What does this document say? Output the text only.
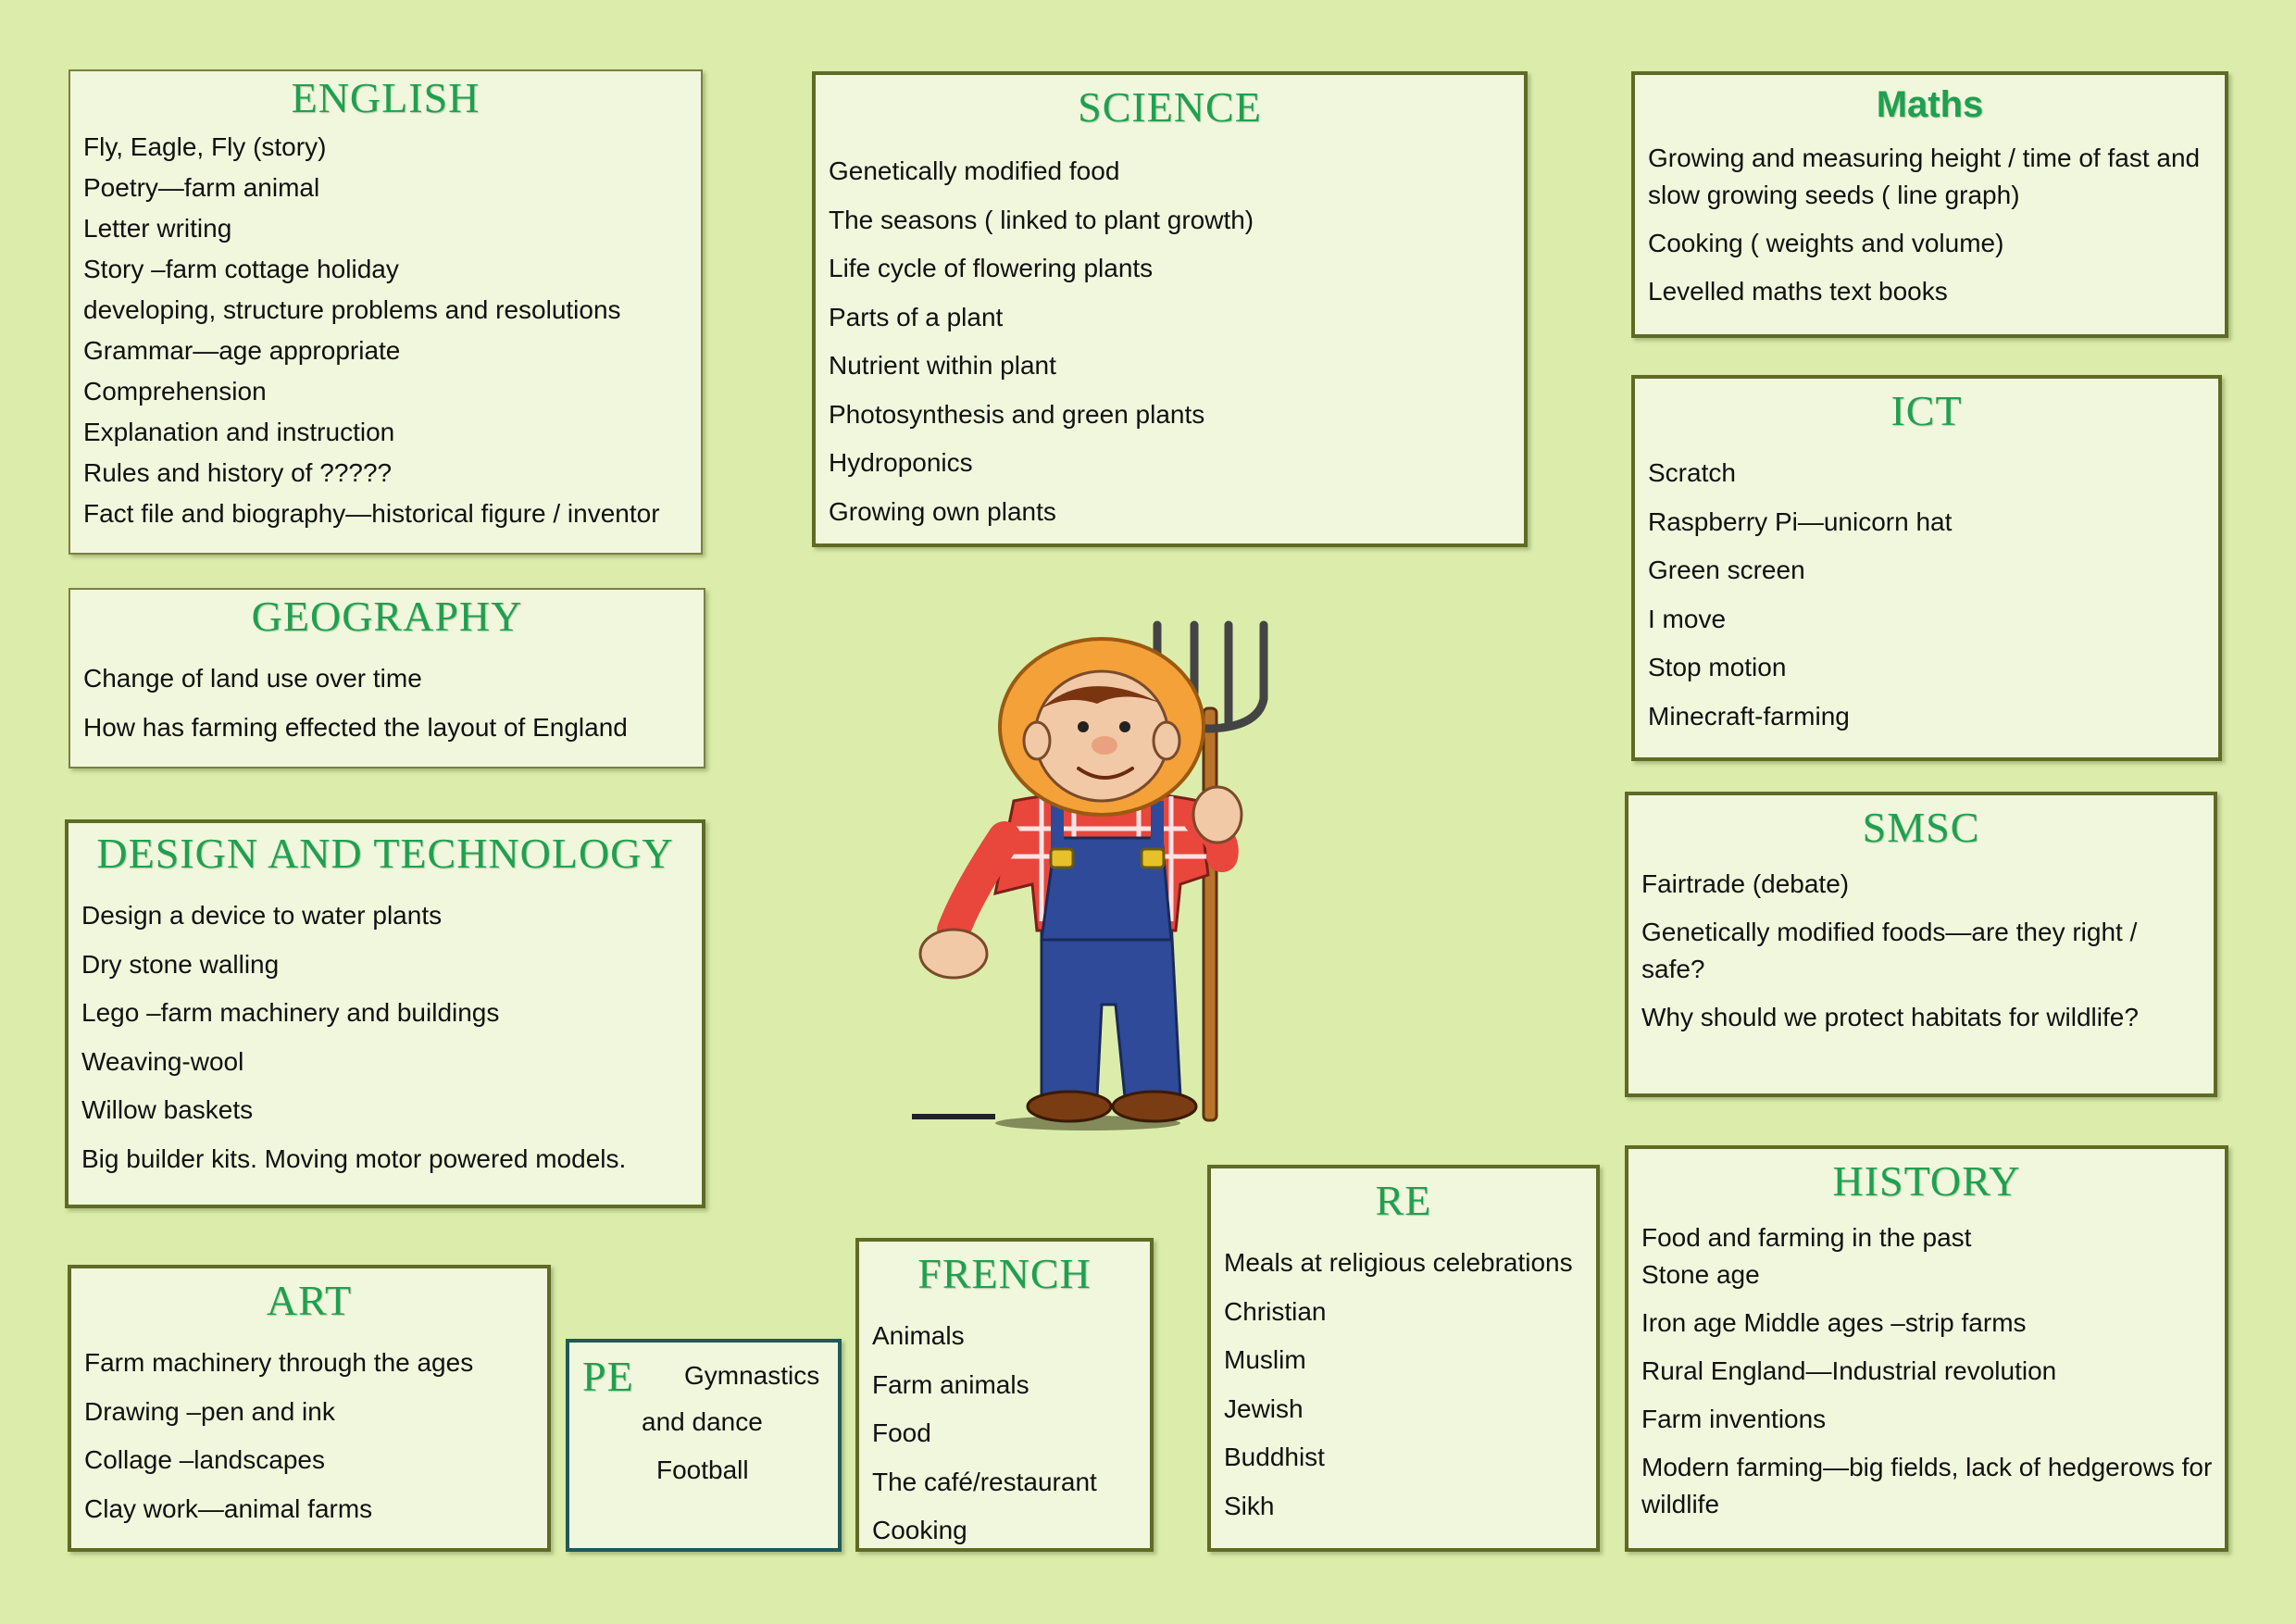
ENGLISH
Fly, Eagle, Fly (story)
Poetry—farm animal
Letter writing
Story –farm cottage holiday
developing, structure problems and resolutions
Grammar—age appropriate
Comprehension
Explanation and instruction
Rules and history of ?????
Fact file and biography—historical figure / inventor
SCIENCE
Genetically modified food
The seasons ( linked to plant growth)
Life cycle of flowering plants
Parts of a plant
Nutrient within plant
Photosynthesis and green plants
Hydroponics
Growing own plants
Maths
Growing and measuring height / time of fast and slow growing seeds ( line graph)
Cooking ( weights and volume)
Levelled maths text books
ICT
Scratch
Raspberry Pi—unicorn hat
Green screen
I move
Stop motion
Minecraft-farming
GEOGRAPHY
Change of land use over time
How has farming effected the layout of England
DESIGN AND TECHNOLOGY
Design a device to water plants
Dry stone walling
Lego –farm machinery and buildings
Weaving-wool
Willow baskets
Big builder kits. Moving motor powered models.
SMSC
Fairtrade (debate)
Genetically modified foods—are they right / safe?
Why should we protect habitats for wildlife?
ART
Farm machinery through the ages
Drawing –pen and ink
Collage –landscapes
Clay work—animal farms
PE Gymnastics
and dance
Football
FRENCH
Animals
Farm animals
Food
The café/restaurant
Cooking
RE
Meals at religious celebrations
Christian
Muslim
Jewish
Buddhist
Sikh
HISTORY
Food and farming in the past
Stone age
Iron age Middle ages –strip farms
Rural England—Industrial revolution
Farm inventions
Modern farming—big fields, lack of hedgerows for wildlife
